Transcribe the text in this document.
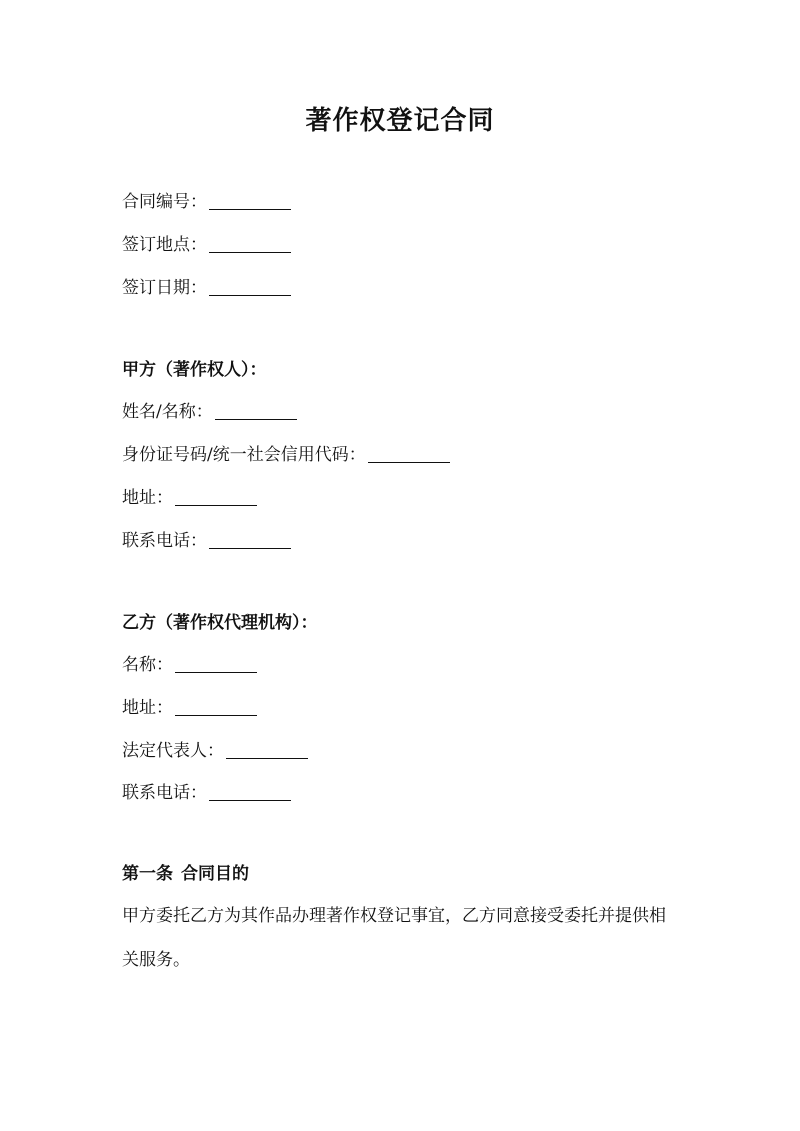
著作权登记合同
合同编号：
签订地点：
签订日期：
甲方（著作权人）：
姓名/名称：
身份证号码/统一社会信用代码：
地址：
联系电话：
乙方（著作权代理机构）：
名称：
地址：
法定代表人：
联系电话：
第一条 合同目的
甲方委托乙方为其作品办理著作权登记事宜，乙方同意接受委托并提供相关服务。
